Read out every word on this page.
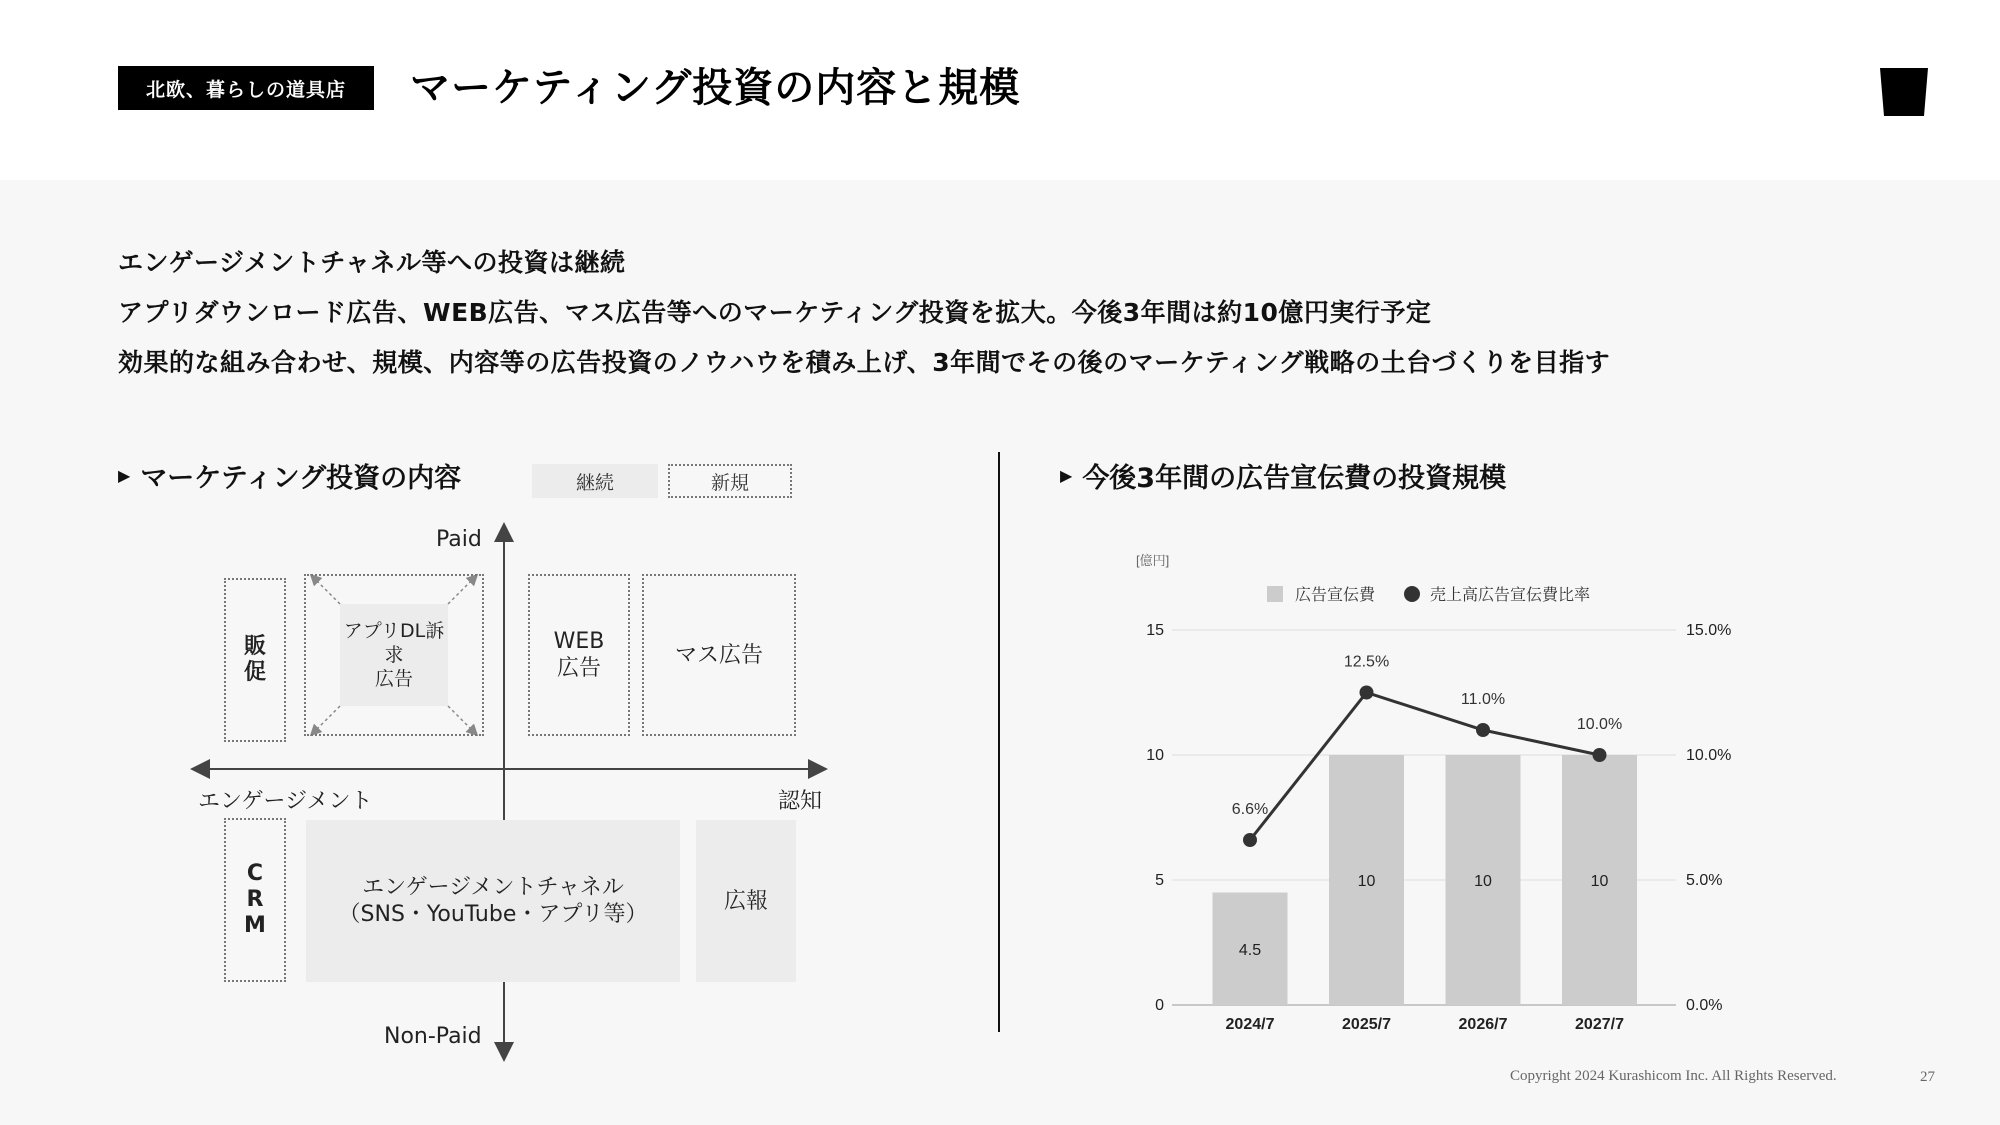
北欧、暮らしの道具店	マーケティング投資の内容と規模
エンゲージメントチャネル等への投資は継続
アプリダウンロード広告、WEB広告、マス広告等へのマーケティング投資を拡大。今後3年間は約10億円実行予定
効果的な組み合わせ、規模、内容等の広告投資のノウハウを積み上げ、3年間でその後のマーケティング戦略の土台づくりを目指す
▶ マーケティング投資の内容	継続	新規
Paid
Non-Paid
エンゲージメント	認知
販
促
アプリDL訴求
広告
WEB
広告
マス広告
C
R
M
エンゲージメントチャネル
（SNS・YouTube・アプリ等）
広報
▶ 今後3年間の広告宣伝費の投資規模
[億円]
広告宣伝費	売上高広告宣伝費比率
4.5
10	10	10
6.6%
12.5%
11.0%
10.0%
0
5
10
15
0.0%
5.0%
10.0%
15.0%
2024/7	2025/7	2026/7	2027/7
Copyright 2024 Kurashicom Inc. All Rights Reserved.	27
